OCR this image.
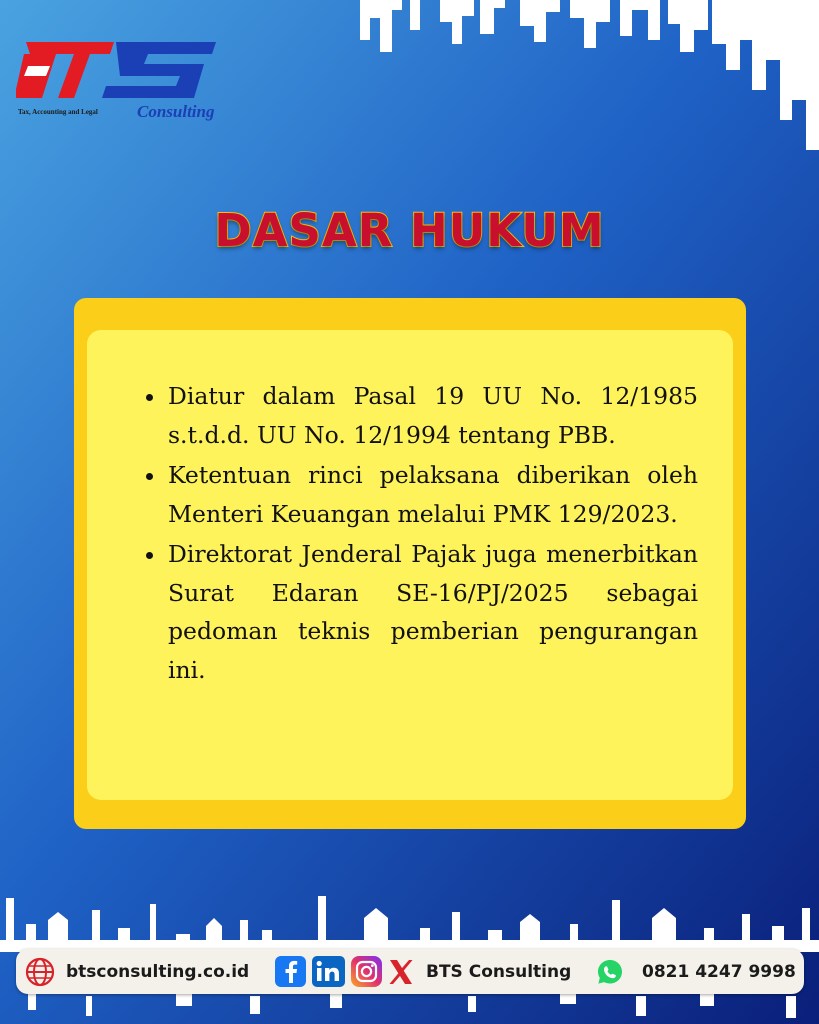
Tax, Accounting and Legal Consulting
DASAR HUKUM
Diatur dalam Pasal 19 UU No. 12/1985 s.t.d.d. UU No. 12/1994 tentang PBB.
Ketentuan rinci pelaksana diberikan oleh Menteri Keuangan melalui PMK 129/2023.
Direktorat Jenderal Pajak juga menerbitkan Surat Edaran SE-16/PJ/2025 sebagai pedoman teknis pemberian pengurangan ini.
btsconsulting.co.id	BTS Consulting	0821 4247 9998
